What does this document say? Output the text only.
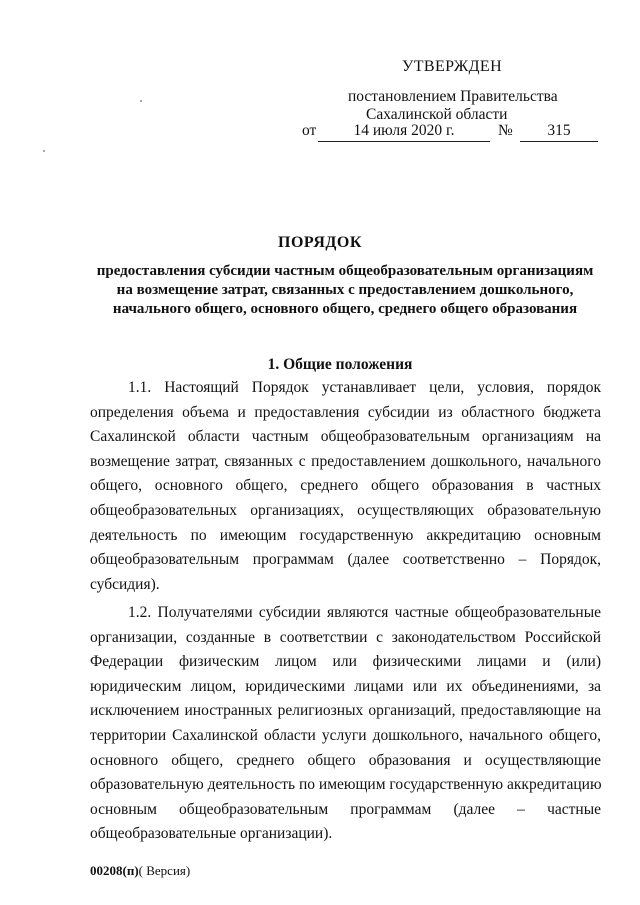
УТВЕРЖДЕН
постановлением Правительства
Сахалинской области
от	14 июля 2020 г.	№	315
ПОРЯДОК
предоставления субсидии частным общеобразовательным организациям
на возмещение затрат, связанных с предоставлением дошкольного,
начального общего, основного общего, среднего общего образования
1. Общие положения
1.1. Настоящий Порядок устанавливает цели, условия, порядок
определения объема и предоставления субсидии из областного бюджета
Сахалинской области частным общеобразовательным организациям на
возмещение затрат, связанных с предоставлением дошкольного, начального
общего, основного общего, среднего общего образования в частных
общеобразовательных организациях, осуществляющих образовательную
деятельность по имеющим государственную аккредитацию основным
общеобразовательным программам (далее соответственно – Порядок,
субсидия).
1.2. Получателями субсидии являются частные общеобразовательные
организации, созданные в соответствии с законодательством Российской
Федерации физическим лицом или физическими лицами и (или)
юридическим лицом, юридическими лицами или их объединениями, за
исключением иностранных религиозных организаций, предоставляющие на
территории Сахалинской области услуги дошкольного, начального общего,
основного общего, среднего общего образования и осуществляющие
образовательную деятельность по имеющим государственную аккредитацию
основным общеобразовательным программам (далее – частные
общеобразовательные организации).
00208(п)( Версия)
